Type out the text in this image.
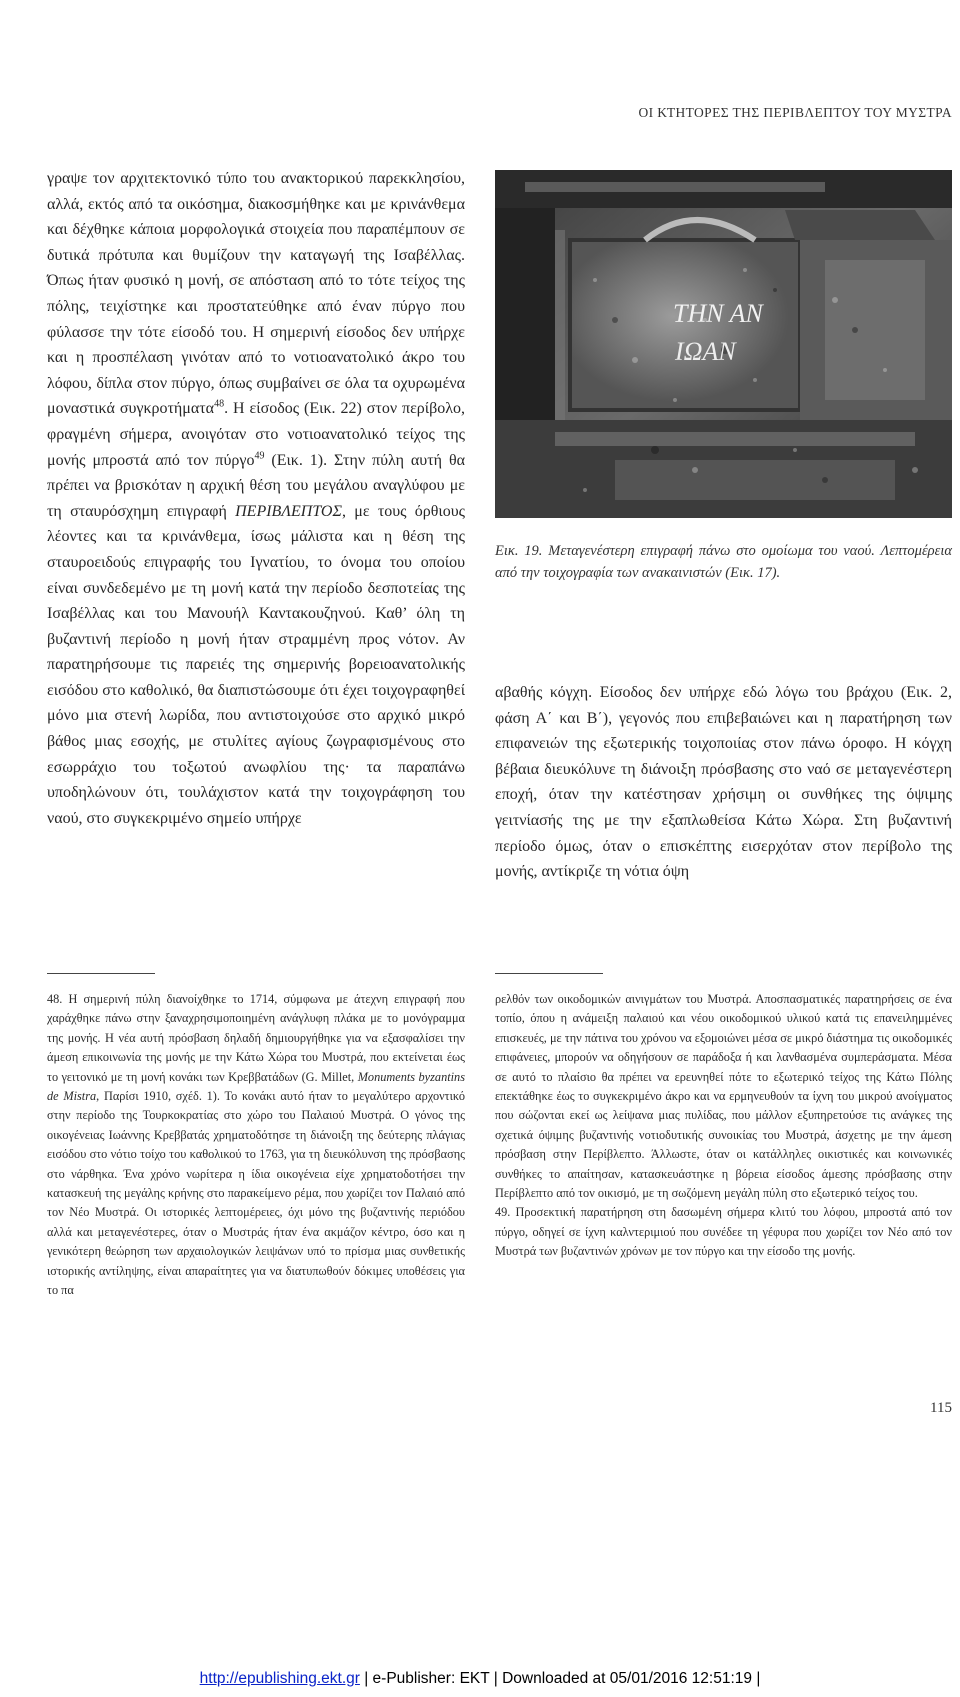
ΟΙ ΚΤΗΤΟΡΕΣ ΤΗΣ ΠΕΡΙΒΛΕΠΤΟΥ ΤΟΥ ΜΥΣΤΡΑ
γραψε τον αρχιτεκτονικό τύπο του ανακτορικού παρεκκλησίου, αλλά, εκτός από τα οικόσημα, διακοσμήθηκε και με κρινάνθεμα και δέχθηκε κάποια μορφολογικά στοιχεία που παραπέμπουν σε δυτικά πρότυπα και θυμίζουν την καταγωγή της Ισαβέλλας. Όπως ήταν φυσικό η μονή, σε απόσταση από το τότε τείχος της πόλης, τειχίστηκε και προστατεύθηκε από έναν πύργο που φύλασσε την τότε είσοδό του. Η σημερινή είσοδος δεν υπήρχε και η προσπέλαση γινόταν από το νοτιοανατολικό άκρο του λόφου, δίπλα στον πύργο, όπως συμβαίνει σε όλα τα οχυρωμένα μοναστικά συγκροτήματα$^{48}$. Η είσοδος (Εικ. 22) στον περίβολο, φραγμένη σήμερα, ανοιγόταν στο νοτιοανατολικό τείχος της μονής μπροστά από τον πύργο$^{49}$ (Εικ. 1). Στην πύλη αυτή θα πρέπει να βρισκόταν η αρχική θέση του μεγάλου αναγλύφου με τη σταυρόσχημη επιγραφή ΠΕΡΙΒΛΕΠΤΟΣ, με τους όρθιους λέοντες και τα κρινάνθεμα, ίσως μάλιστα και η θέση της σταυροειδούς επιγραφής του Ιγνατίου, το όνομα του οποίου είναι συνδεδεμένο με τη μονή κατά την περίοδο δεσποτείας της Ισαβέλλας και του Μανουήλ Καντακουζηνού. Καθ’ όλη τη βυζαντινή περίοδο η μονή ήταν στραμμένη προς νότον. Αν παρατηρήσουμε τις παρειές της σημερινής βορειοανατολικής εισόδου στο καθολικό, θα διαπιστώσουμε ότι έχει τοιχογραφηθεί μόνο μια στενή λωρίδα, που αντιστοιχούσε στο αρχικό μικρό βάθος μιας εσοχής, με στυλίτες αγίους ζωγραφισμένους στο εσωρράχιο του τοξωτού ανωφλίου της· τα παραπάνω υποδηλώνουν ότι, τουλάχιστον κατά την τοιχογράφηση του ναού, στο συγκεκριμένο σημείο υπήρχε
ΤΗΝ ΑΝ
ΙΩΑΝ
Εικ. 19. Μεταγενέστερη επιγραφή πάνω στο ομοίωμα του ναού. Λεπτομέρεια από την τοιχογραφία των ανακαινιστών (Εικ. 17).
αβαθής κόγχη. Είσοδος δεν υπήρχε εδώ λόγω του βράχου (Εικ. 2, φάση Α΄ και Β΄), γεγονός που επιβεβαιώνει και η παρατήρηση των επιφανειών της εξωτερικής τοιχοποιίας στον πάνω όροφο. Η κόγχη βέβαια διευκόλυνε τη διάνοιξη πρόσβασης στο ναό σε μεταγενέστερη εποχή, όταν την κατέστησαν χρήσιμη οι συνθήκες της όψιμης γειτνίασής της με την εξαπλωθείσα Κάτω Χώρα. Στη βυζαντινή περίοδο όμως, όταν ο επισκέπτης εισερχόταν στον περίβολο της μονής, αντίκριζε τη νότια όψη

48. Η σημερινή πύλη διανοίχθηκε το 1714, σύμφωνα με άτεχνη επιγραφή που χαράχθηκε πάνω στην ξαναχρησιμοποιημένη ανάγλυφη πλάκα με το μονόγραμμα της μονής. Η νέα αυτή πρόσβαση δηλαδή δημιουργήθηκε για να εξασφαλίσει την άμεση επικοινωνία της μονής με την Κάτω Χώρα του Μυστρά, που εκτείνεται έως το γειτονικό με τη μονή κονάκι των Κρεββατάδων (G. Millet, Monuments byzantins de Mistra, Παρίσι 1910, σχέδ. 1). Το κονάκι αυτό ήταν το μεγαλύτερο αρχοντικό στην περίοδο της Τουρκοκρατίας στο χώρο του Παλαιού Μυστρά. Ο γόνος της οικογένειας Ιωάννης Κρεββατάς χρηματοδότησε τη διάνοιξη της δεύτερης πλάγιας εισόδου στο νότιο τοίχο του καθολικού το 1763, για τη διευκόλυνση της πρόσβασης στο νάρθηκα. Ένα χρόνο νωρίτερα η ίδια οικογένεια είχε χρηματοδοτήσει την κατασκευή της μεγάλης κρήνης στο παρακείμενο ρέμα, που χωρίζει τον Παλαιό από τον Νέο Μυστρά. Οι ιστορικές λεπτομέρειες, όχι μόνο της βυζαντινής περιόδου αλλά και μεταγενέστερες, όταν ο Μυστράς ήταν ένα ακμάζον κέντρο, όσο και η γενικότερη θεώρηση των αρχαιολογικών λειψάνων υπό το πρίσμα μιας συνθετικής ιστορικής αντίληψης, είναι απαραίτητες για να διατυπωθούν δόκιμες υποθέσεις για το πα

ρελθόν των οικοδομικών αινιγμάτων του Μυστρά. Αποσπασματικές παρατηρήσεις σε ένα τοπίο, όπου η ανάμειξη παλαιού και νέου οικοδομικού υλικού κατά τις επανειλημμένες επισκευές, με την πάτινα του χρόνου να εξομοιώνει μέσα σε μικρό διάστημα τις οικοδομικές επιφάνειες, μπορούν να οδηγήσουν σε παράδοξα ή και λανθασμένα συμπεράσματα. Μέσα σε αυτό το πλαίσιο θα πρέπει να ερευνηθεί πότε το εξωτερικό τείχος της Κάτω Πόλης επεκτάθηκε έως το συγκεκριμένο άκρο και να ερμηνευθούν τα ίχνη του μικρού ανοίγματος που σώζονται εκεί ως λείψανα μιας πυλίδας, που μάλλον εξυπηρετούσε τις ανάγκες της σχετικά όψιμης βυζαντινής νοτιοδυτικής συνοικίας του Μυστρά, άσχετης με την άμεση πρόσβαση στην Περίβλεπτο. Άλλωστε, όταν οι κατάλληλες οικιστικές και κοινωνικές συνθήκες το απαίτησαν, κατασκευάστηκε η βόρεια είσοδος άμεσης πρόσβασης στην Περίβλεπτο από τον οικισμό, με τη σωζόμενη μεγάλη πύλη στο εξωτερικό τείχος του.

49. Προσεκτική παρατήρηση στη δασωμένη σήμερα κλιτύ του λόφου, μπροστά από τον πύργο, οδηγεί σε ίχνη καλντεριμιού που συνέδεε τη γέφυρα που χωρίζει τον Νέο από τον Μυστρά των βυζαντινών χρόνων με τον πύργο και την είσοδο της μονής.

115
http://epublishing.ekt.gr | e-Publisher: EKT | Downloaded at 05/01/2016 12:51:19 |
